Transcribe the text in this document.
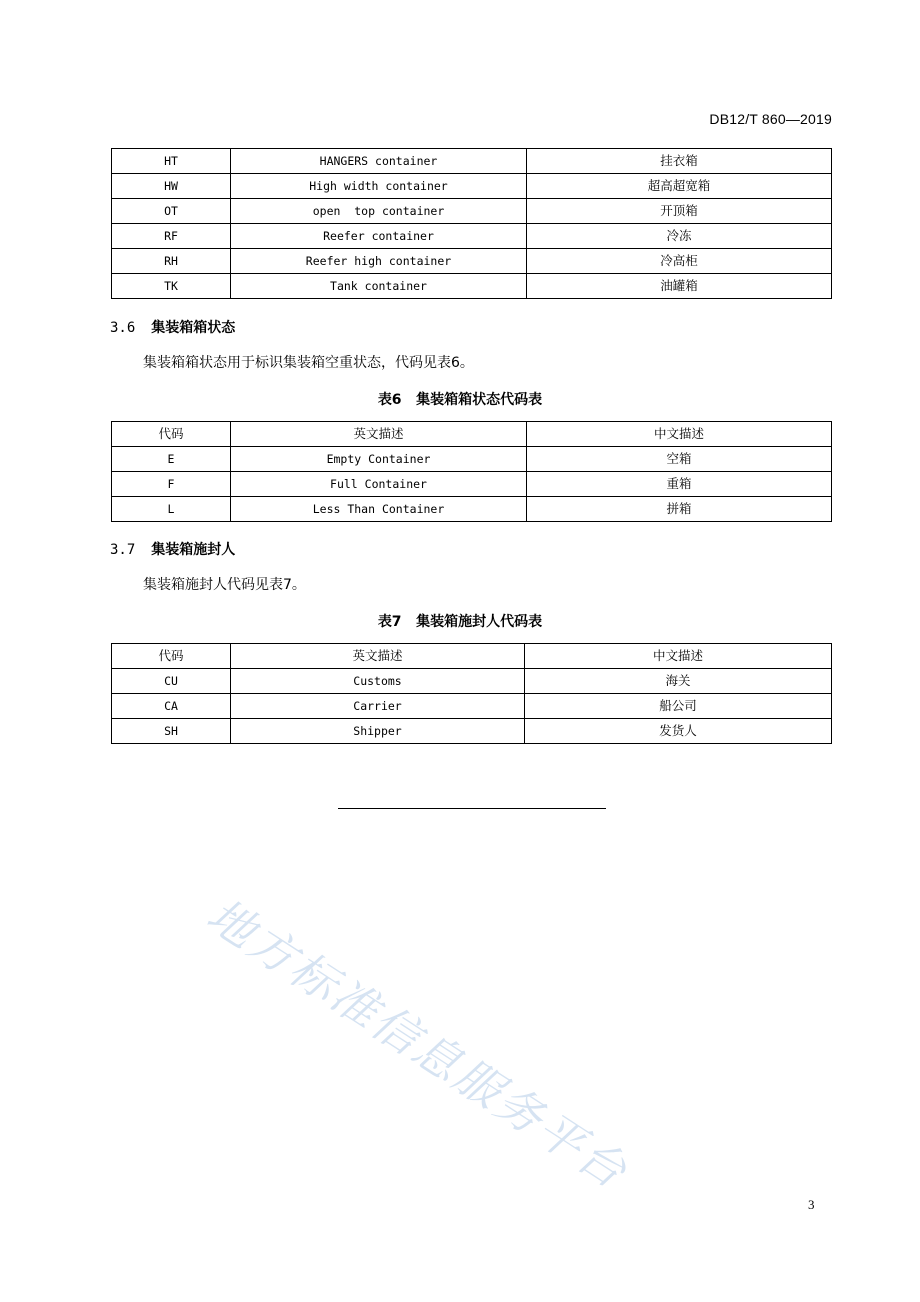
DB12/T 860—2019
HT	HANGERS container	挂衣箱
HW	High width container	超高超宽箱
OT	open  top container	开顶箱
RF	Reefer container	冷冻
RH	Reefer high container	冷高柜
TK	Tank container	油罐箱
3.6 集装箱箱状态
集装箱箱状态用于标识集装箱空重状态，代码见表6。
表6   集装箱箱状态代码表
代码	英文描述	中文描述
E	Empty Container	空箱
F	Full Container	重箱
L	Less Than Container	拼箱
3.7 集装箱施封人
集装箱施封人代码见表7。
表7   集装箱施封人代码表
代码	英文描述	中文描述
CU	Customs	海关
CA	Carrier	船公司
SH	Shipper	发货人
地方标准信息服务平台
3
